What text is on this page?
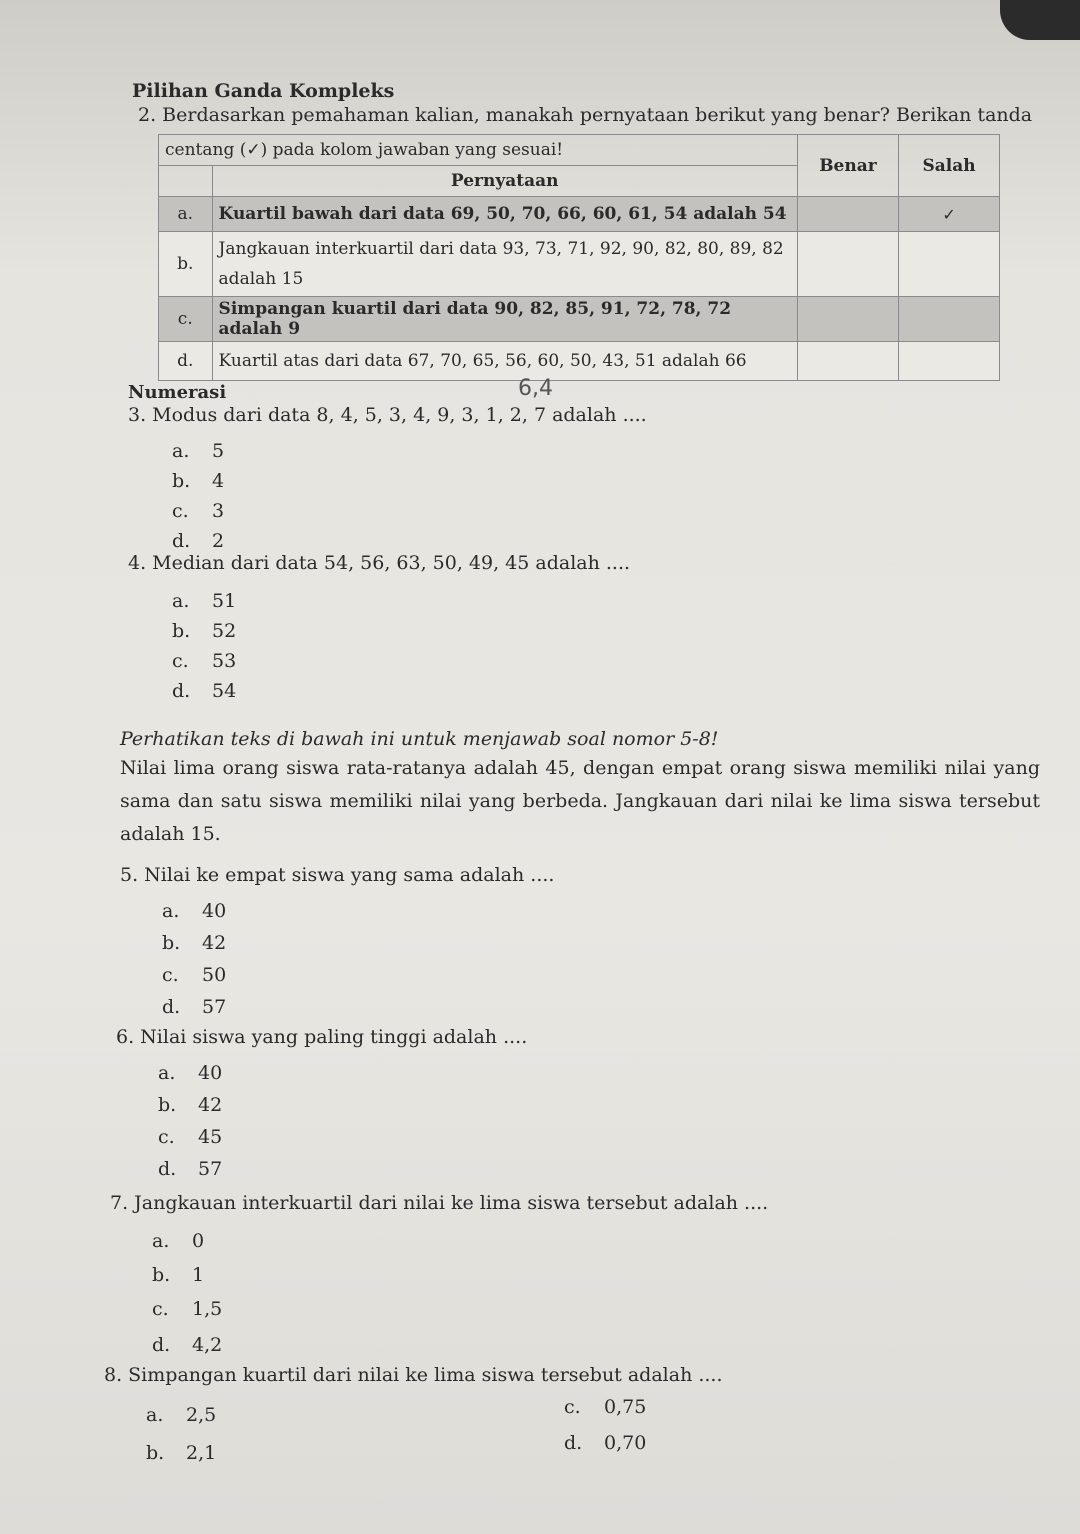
Pilihan Ganda Kompleks
2. Berdasarkan pemahaman kalian, manakah pernyataan berikut yang benar? Berikan tanda
centang (✓) pada kolom jawaban yang sesuai!		Benar	Salah
	Pernyataan		
a.	Kuartil bawah dari data 69, 50, 70, 66, 60, 61, 54 adalah 54		✓
b.	Jangkauan interkuartil dari data 93, 73, 71, 92, 90, 82, 80, 89, 82 adalah 15		
c.	Simpangan kuartil dari data 90, 82, 85, 91, 72, 78, 72 adalah 9		
d.	Kuartil atas dari data 67, 70, 65, 56, 60, 50, 43, 51 adalah 66		
Numerasi	6,4
3. Modus dari data 8, 4, 5, 3, 4, 9, 3, 1, 2, 7 adalah ....
a. 5
b. 4
c. 3
d. 2
4. Median dari data 54, 56, 63, 50, 49, 45 adalah ....
a. 51
b. 52
c. 53
d. 54
Perhatikan teks di bawah ini untuk menjawab soal nomor 5-8!
Nilai lima orang siswa rata-ratanya adalah 45, dengan empat orang siswa memiliki nilai yang sama dan satu siswa memiliki nilai yang berbeda. Jangkauan dari nilai ke lima siswa tersebut adalah 15.
5. Nilai ke empat siswa yang sama adalah ....
a. 40
b. 42
c. 50
d. 57
6. Nilai siswa yang paling tinggi adalah ....
a. 40
b. 42
c. 45
d. 57
7. Jangkauan interkuartil dari nilai ke lima siswa tersebut adalah ....
a. 0
b. 1
c. 1,5
d. 4,2
8. Simpangan kuartil dari nilai ke lima siswa tersebut adalah ....
a. 2,5
b. 2,1
c. 0,75
d. 0,70
